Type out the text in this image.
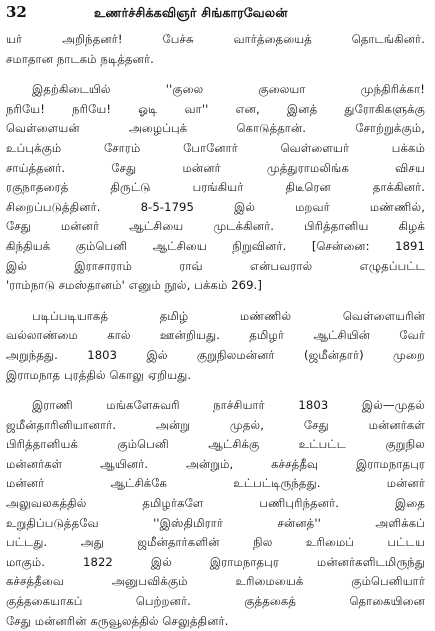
32	உணர்ச்சிக்கவிஞர் சிங்காரவேலன்
யர் அறிந்தனர்! பேச்சு வார்த்தையைத் தொடங்கினர்.
சமாதான நாடகம் நடித்தனர்.
இதற்கிடையில் ''குலை குலையா முந்திரிக்கா!
நரியே! நரியே! ஓடி வா'' என, இனத் துரோகிகளுக்கு
வெள்ளையன் அழைப்புக் கொடுத்தான். சோற்றுக்கும்,
உப்புக்கும் சோரம் போனோர் வெள்ளையர் பக்கம்
சாய்த்தனர். சேது மன்னர் முத்துராமலிங்க விசய
ரகுநாதரைத் திருட்டு பரங்கியர் திடீரென தாக்கினர்.
சிறைப்படுத்தினர். 8-5-1795 இல் மறவர் மண்ணில்,
சேது மன்னர் ஆட்சியை முடக்கினர். பிரித்தானிய கிழக்
கிந்தியக் கும்பெனி ஆட்சியை நிறுவினர். [சென்னை: 1891
இல் இராசாராம் ராவ் என்பவரால் எழுதப்பட்ட
'ராம்நாடு சமஸ்தானம்' எனும் நூல், பக்கம் 269.]
படிப்படியாகத் தமிழ் மண்ணில் வெள்ளையரின்
வல்லாண்மை கால் ஊன்றியது. தமிழர் ஆட்சியின் வேர்
அறுந்தது. 1803 இல் குறுநிலமன்னர் (ஜமீன்தார்) முறை
இராமநாத புரத்தில் கொலு ஏறியது.
இராணி மங்களேசுவரி நாச்சியார் 1803 இல்—முதல்
ஜமீன்தாரினியானார். அன்று முதல், சேது மன்னர்கள்
பிரித்தானியக் கும்பெனி ஆட்சிக்கு உட்பட்ட குறுநில
மன்னர்கள் ஆயினர். அன்றும், கச்சத்தீவு இராமநாதபுர
மன்னர் ஆட்சிக்கே உட்பட்டிருந்தது. மன்னர்
அலுவலகத்தில் தமிழர்களே பணிபுரிந்தனர். இதை
உறுதிப்படுத்தவே ''இஸ்திமிரார் சன்னத்'' அளிக்கப்
பட்டது. அது ஜமீன்தார்களின் நில உரிமைப் பட்டய
மாகும். 1822 இல் இராமநாதபுர மன்னர்களிடமிருந்து
கச்சத்தீவை அனுபவிக்கும் உரிமையைக் கும்பெனியார்
குத்தகையாகப் பெற்றனர். குத்தகைத் தொகையினை
சேது மன்னரின் கருவூலத்தில் செலுத்தினர்.
